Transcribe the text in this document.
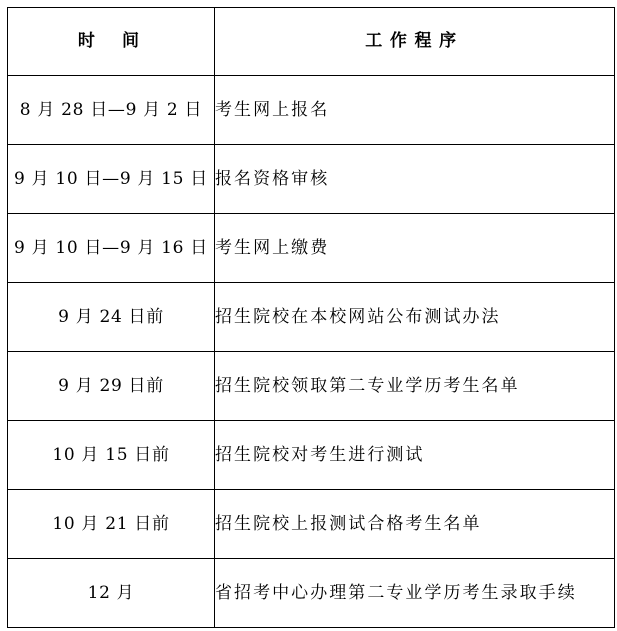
时　间	工作程序
8 月 28 日—9 月 2 日	考生网上报名
9 月 10 日—9 月 15 日	报名资格审核
9 月 10 日—9 月 16 日	考生网上缴费
9 月 24 日前	招生院校在本校网站公布测试办法
9 月 29 日前	招生院校领取第二专业学历考生名单
10 月 15 日前	招生院校对考生进行测试
10 月 21 日前	招生院校上报测试合格考生名单
12 月	省招考中心办理第二专业学历考生录取手续
